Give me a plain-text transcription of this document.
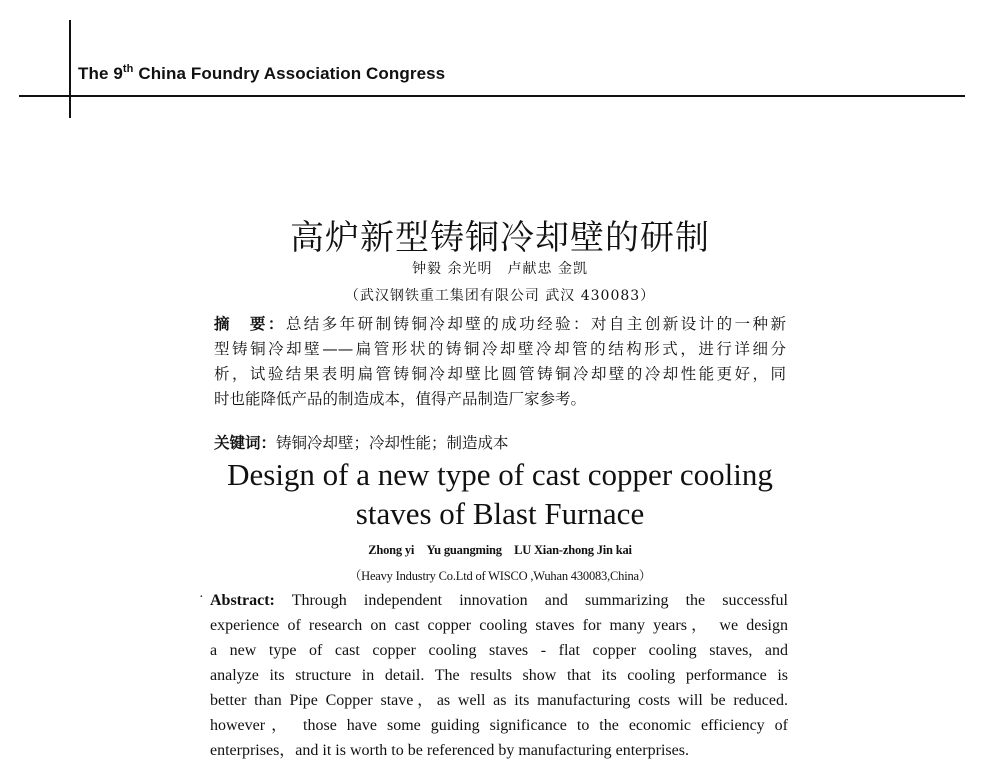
The 9th China Foundry Association Congress
高炉新型铸铜冷却壁的研制
钟毅 余光明　卢献忠 金凯
（武汉钢铁重工集团有限公司 武汉 430083）
摘　要：总结多年研制铸铜冷却壁的成功经验：对自主创新设计的一种新
型铸铜冷却壁——扁管形状的铸铜冷却壁冷却管的结构形式，进行详细分
析，试验结果表明扁管铸铜冷却壁比圆管铸铜冷却壁的冷却性能更好，同
时也能降低产品的制造成本，值得产品制造厂家参考。
关键词：铸铜冷却壁；冷却性能；制造成本
Design of a new type of cast copper cooling
staves of Blast Furnace
Zhong yi　Yu guangming　LU Xian-zhong Jin kai
（Heavy Industry Co.Ltd of WISCO ,Wuhan 430083,China）
· Abstract: Through independent innovation and summarizing the successful
experience of research on cast copper cooling staves for many years， we design
a new type of cast copper cooling staves - flat copper cooling staves, and
analyze its structure in detail. The results show that its cooling performance is
better than Pipe Copper stave，as well as its manufacturing costs will be reduced.
however， those have some guiding significance to the economic efficiency of
enterprises，and it is worth to be referenced by manufacturing enterprises.
